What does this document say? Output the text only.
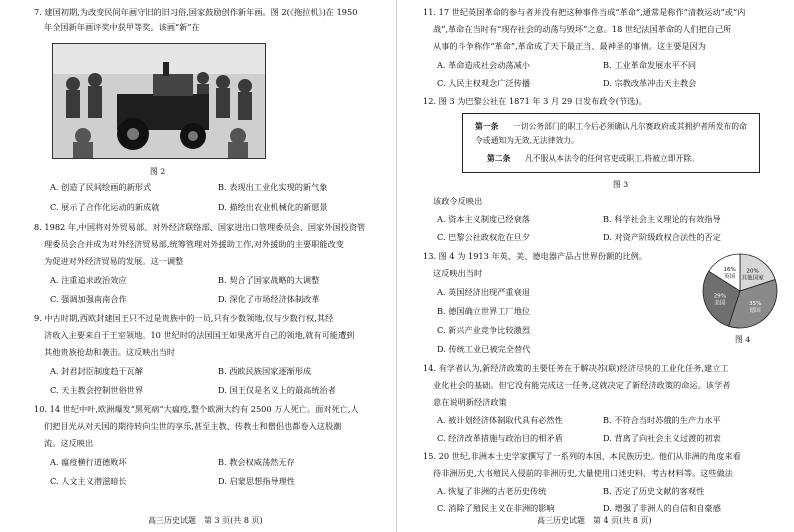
7. 建国初期,为改变民间年画守旧的旧习俗,国家鼓励创作新年画。图 2(《拖拉机》)在 1950
年全国新年画评奖中获甲等奖。该画“新”在
图 2
A. 创造了民间绘画的新形式	B. 表现出工业化实现的新气象
C. 展示了合作化运动的新成就	D. 描绘出农业机械化的新愿景
8. 1982 年,中国将对外贸易部、对外经济联络部、国家进出口管理委员会、国家外国投资管
理委员会合并成为对外经济贸易部,统筹管理对外援助工作,对外援助的主要职能改变
为促进对外经济贸易的发展。这一调整
A. 注重追求政治效应	B. 契合了国家战略的大调整
C. 强调加强南南合作	D. 深化了市场经济体制改革
9. 中古时期,西欧封建国王只不过是贵族中的一员,只有少数领地,仅与少数行权,其经
济收入主要来自于王室领地。10 世纪时的法国国王如果离开自己的领地,就有可能遭到
其他贵族抢劫和袭击。这反映出当时
A. 封君封臣制度趋于瓦解	B. 西欧民族国家逐渐形成
C. 天主教会控制世俗世界	D. 国王仅是名义上的最高统治者
10. 14 世纪中叶,欧洲爆发“黑死病”大瘟疫,整个欧洲大约有 2500 万人死亡。面对死亡,人
们把目光从对天国的期待转向尘世的享乐,甚至主教、传教士和僧侣也都卷入这股潮
流。这反映出
A. 瘟疫横行道德败坏	B. 教会权威荡然无存
C. 人文主义潜滋暗长	D. 启蒙思想指导理性
高三历史试题　第 3 页(共 8 页)
11. 17 世纪英国革命的参与者并没有把这种事件当成“革命”,通常是称作“清教运动”或“内
战”,革命在当时有“现存社会的动荡与毁坏”之意。18 世纪法国革命的人们把自己所
从事的斗争称作“革命”,革命成了天下最正当、最神圣的事情。这主要是因为
A. 革命造成社会动荡减小	B. 工业革命发展水平不同
C. 人民主权观念广泛传播	D. 宗教改革冲击天主教会
12. 图 3 为巴黎公社在 1871 年 3 月 29 日发布政令(节选)。
第一条 一切公务部门的职工今后必须确认凡尔赛政府或其拥护者所发布的命
令或通知为无效,无法律效力。
第二条 凡不服从本法令的任何官吏或职工,将被立即开除。
图 3
该政令反映出
A. 资本主义制度已经衰落	B. 科学社会主义理论的有效指导
C. 巴黎公社政权危在旦夕	D. 对资产阶级政权合法性的否定
13. 图 4 为 1913 年英、美、德电器产品占世界份额的比例。
这反映出当时
A. 英国经济出现严重衰退
B. 德国确立世界工厂地位
C. 新兴产业竞争比较激烈
D. 传统工业已被完全替代
20%
其他国家
35%
德国
29%
美国
16%
英国
图 4
14. 有学者认为,新经济政策的主要任务在于解决苏(联)经济尽快的工业化任务,建立工
业化社会的基础。但它没有能完成这一任务,这就决定了新经济政策的命运。该学者
意在说明新经济政策
A. 被计划经济体制取代具有必然性	B. 不符合当时苏俄的生产力水平
C. 经济改革措施与政治目的相矛盾	D. 背离了向社会主义过渡的初衷
15. 20 世纪,非洲本土史学家撰写了一系列的本国、本民族历史。他们从非洲的角度来看
待非洲历史,大书殖民入侵前的非洲历史,大量使用口述史料、考古材料等。这些做法
A. 恢复了非洲的古老历史传统	B. 否定了历史文献的客观性
C. 消除了殖民主义在非洲的影响	D. 增强了非洲人的自信和自豪感
高三历史试题　第 4 页(共 8 页)
